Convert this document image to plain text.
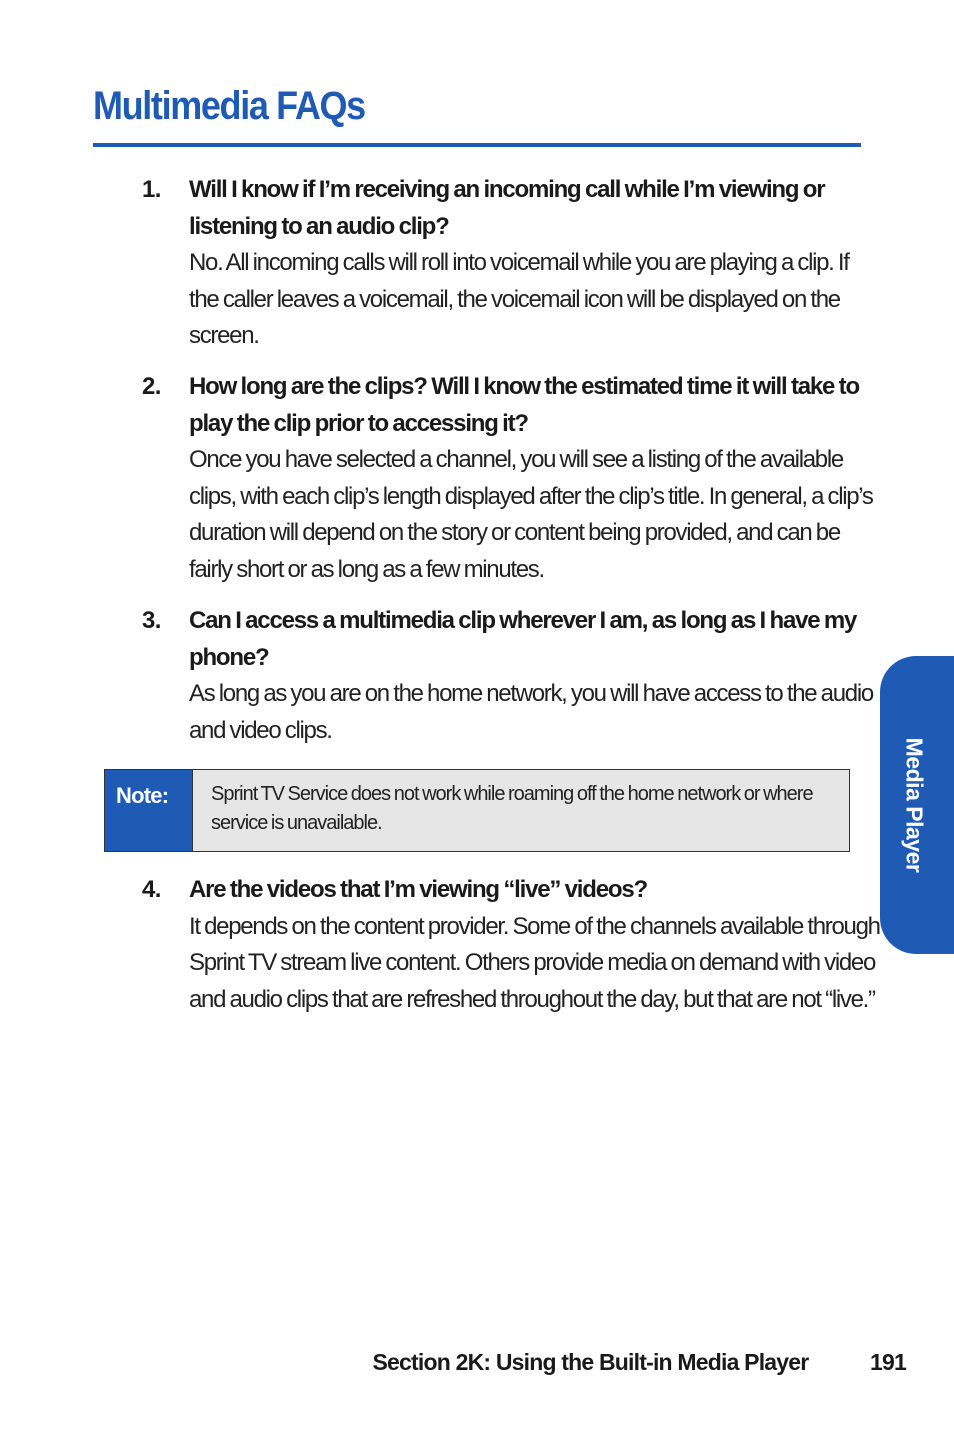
Multimedia FAQs
1. Will I know if I’m receiving an incoming call while I’m viewing or listening to an audio clip?

No. All incoming calls will roll into voicemail while you are playing a clip. If the caller leaves a voicemail, the voicemail icon will be displayed on the screen.

2. How long are the clips? Will I know the estimated time it will take to play the clip prior to accessing it?

Once you have selected a channel, you will see a listing of the available clips, with each clip’s length displayed after the clip’s title. In general, a clip’s duration will depend on the story or content being provided, and can be fairly short or as long as a few minutes.

3. Can I access a multimedia clip wherever I am, as long as I have my phone?

As long as you are on the home network, you will have access to the audio and video clips.

Note:	Sprint TV Service does not work while roaming off the home network or where service is unavailable.
4. Are the videos that I’m viewing “live” videos?

It depends on the content provider. Some of the channels available through Sprint TV stream live content. Others provide media on demand with video and audio clips that are refreshed throughout the day, but that are not “live.”

Media Player
Section 2K: Using the Built-in Media Player	191
